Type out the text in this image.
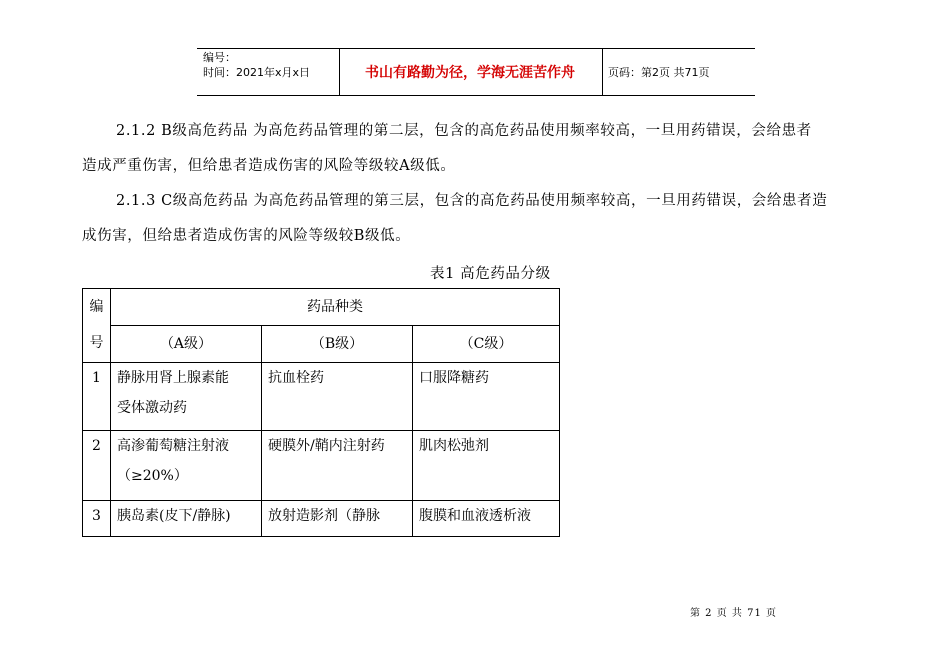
编号：
时间：2021年x月x日	书山有路勤为径，学海无涯苦作舟	页码：第2页 共71页
2.1.2 B级高危药品 为高危药品管理的第二层，包含的高危药品使用频率较高，一旦用药错误，会给患者
造成严重伤害，但给患者造成伤害的风险等级较A级低。
2.1.3 C级高危药品 为高危药品管理的第三层，包含的高危药品使用频率较高，一旦用药错误，会给患者造
成伤害，但给患者造成伤害的风险等级较B级低。
表1 高危药品分级
编
号	药品种类		
	（A级）	（B级）	（C级）
1	静脉用肾上腺素能
受体激动药	抗血栓药	口服降糖药
2	高渗葡萄糖注射液
（≥20%）	硬膜外/鞘内注射药	肌肉松弛剂
3	胰岛素(皮下/静脉)	放射造影剂（静脉	腹膜和血液透析液
第 2 页 共 71 页
